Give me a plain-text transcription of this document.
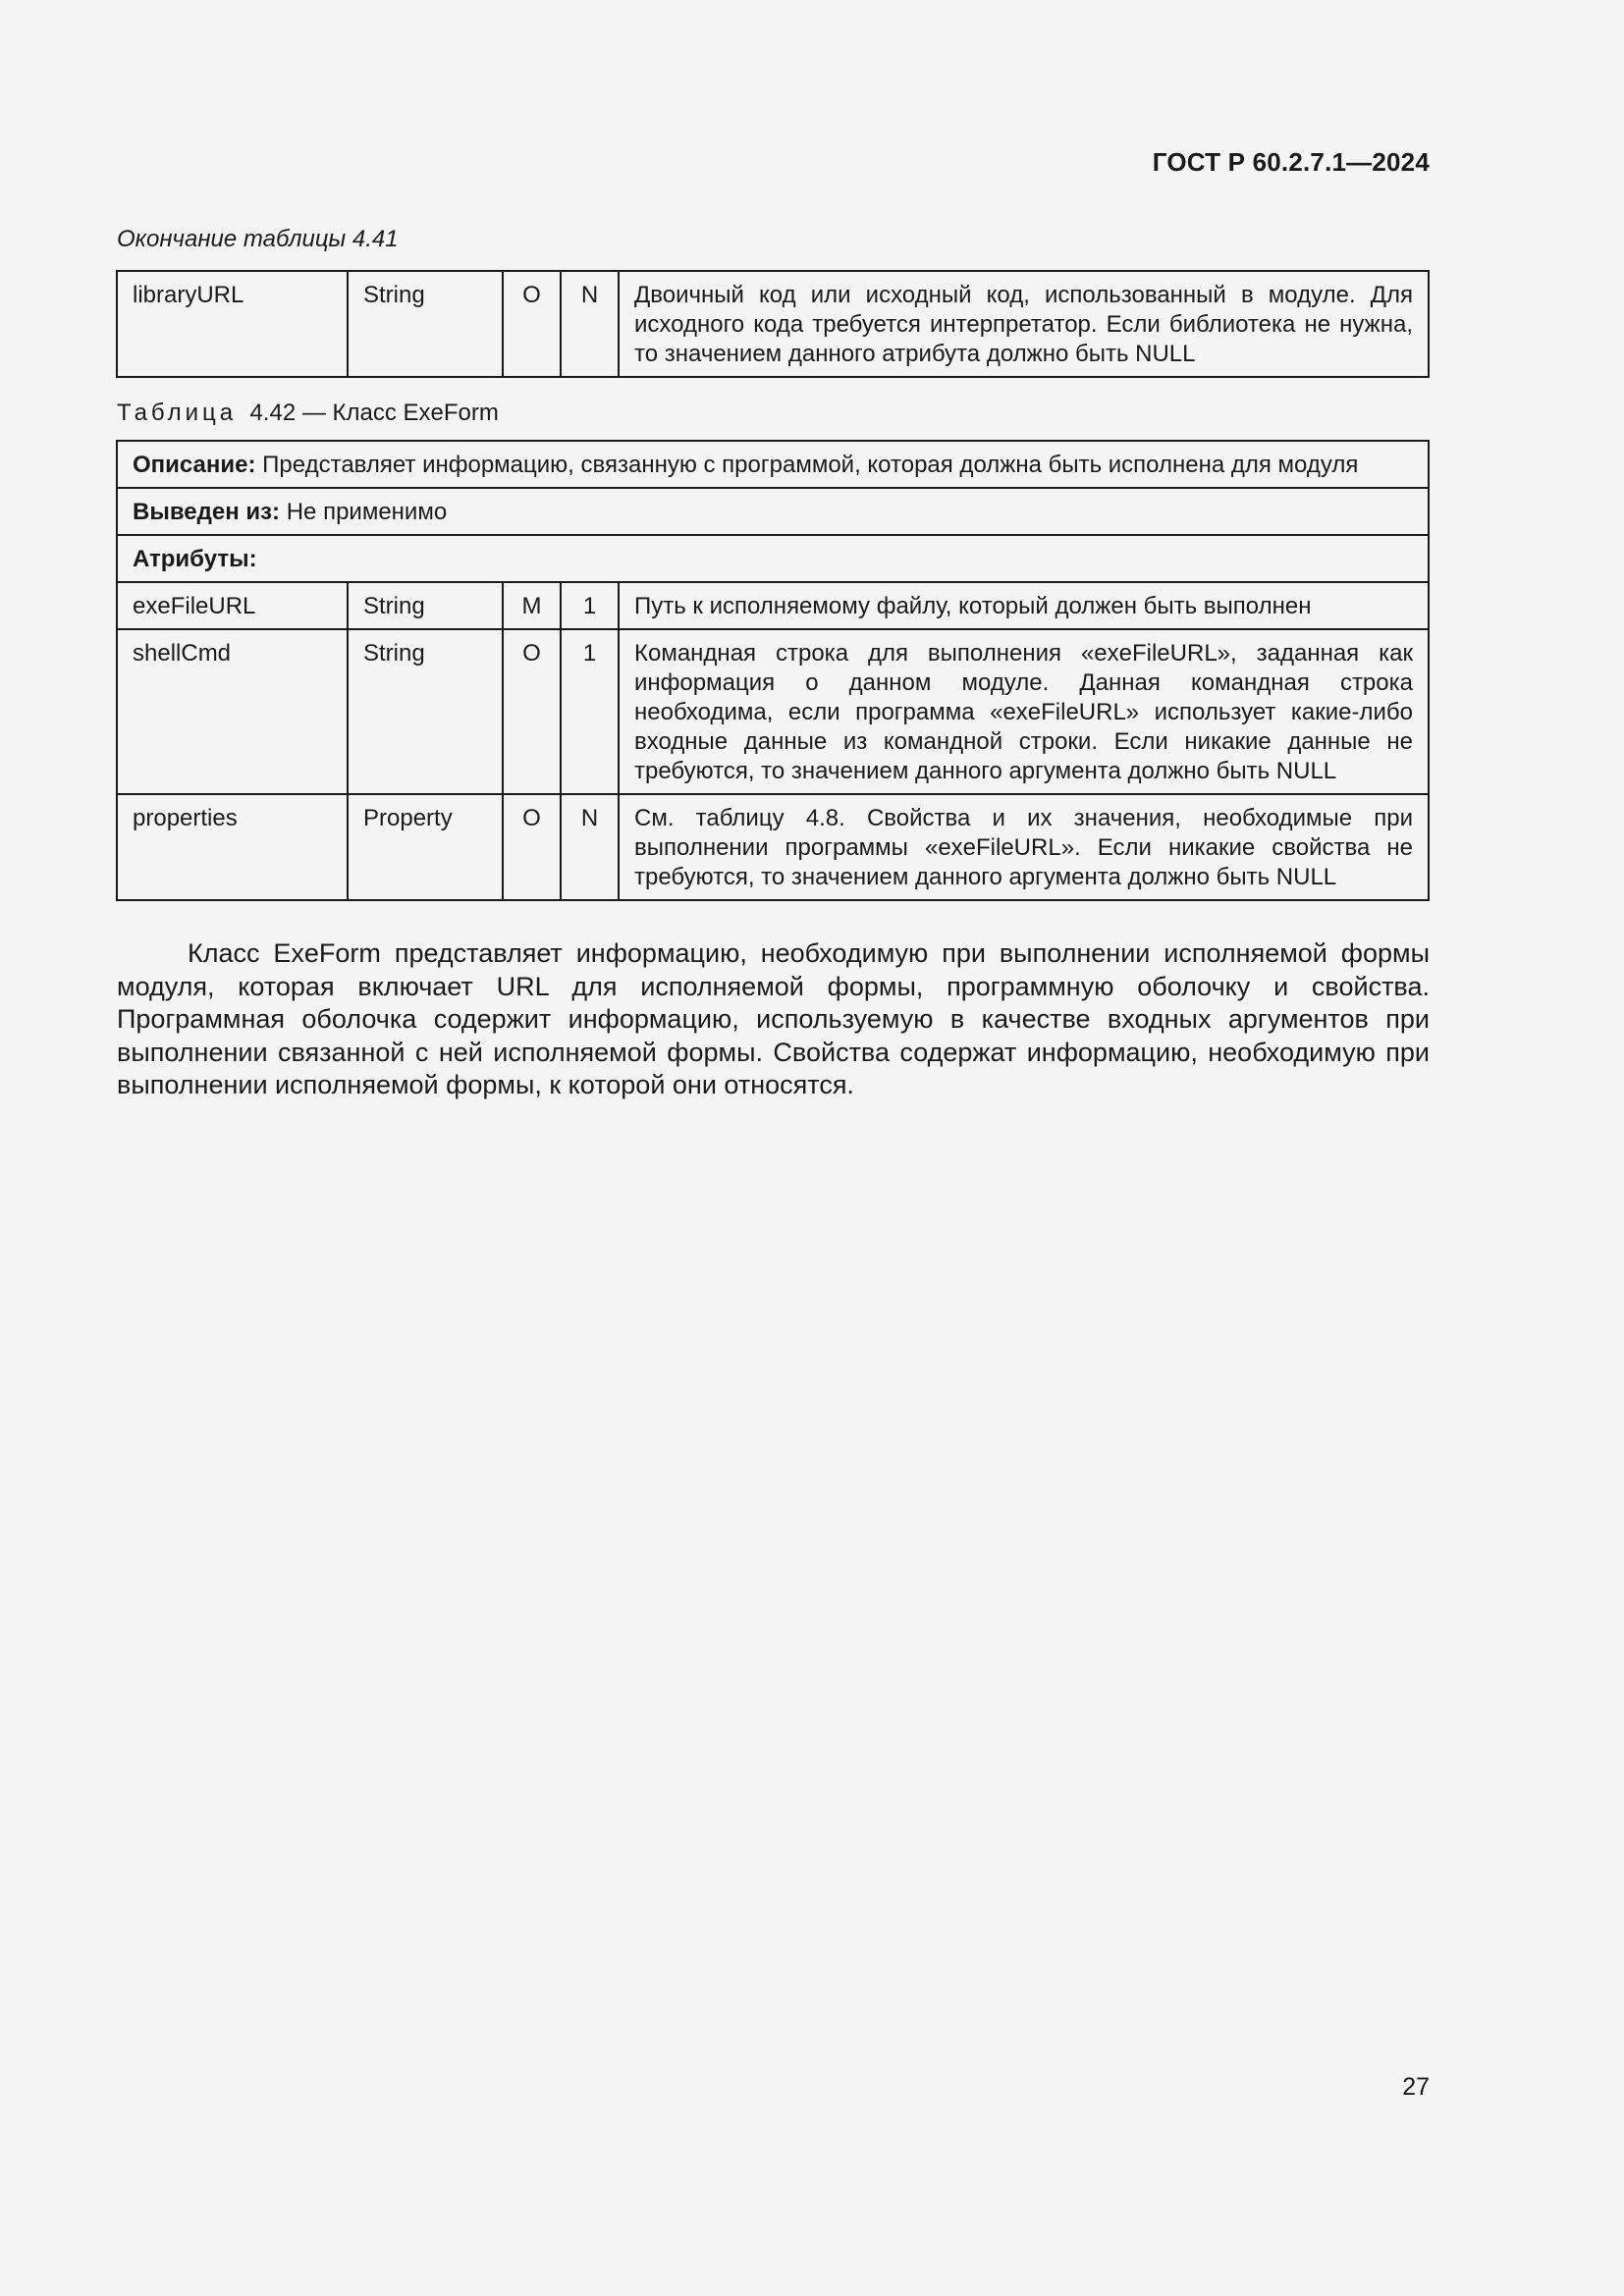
ГОСТ Р 60.2.7.1—2024
Окончание таблицы 4.41
libraryURL	String	O	N	Двоичный код или исходный код, использованный в модуле. Для исходного кода требуется интерпретатор. Если библиотека не нужна, то значением данного атрибута должно быть NULL
Таблица 4.42 — Класс ExeForm
Описание: Представляет информацию, связанную с программой, которая должна быть исполнена для модуля				
Выведен из: Не применимо				
Атрибуты:				
exeFileURL	String	M	1	Путь к исполняемому файлу, который должен быть выполнен
shellCmd	String	O	1	Командная строка для выполнения «exeFileURL», заданная как информация о данном модуле. Данная командная строка необходима, если программа «exeFileURL» использует какие-либо входные данные из командной строки. Если никакие данные не требуются, то значением данного аргумента должно быть NULL
properties	Property	O	N	См. таблицу 4.8. Свойства и их значения, необходимые при выполнении программы «exeFileURL». Если никакие свойства не требуются, то значением данного аргумента должно быть NULL

Класс ExeForm представляет информацию, необходимую при выполнении исполняемой формы модуля, которая включает URL для исполняемой формы, программную оболочку и свойства. Программная оболочка содержит информацию, используемую в качестве входных аргументов при выполнении связанной с ней исполняемой формы. Свойства содержат информацию, необходимую при выполнении исполняемой формы, к которой они относятся.

27
